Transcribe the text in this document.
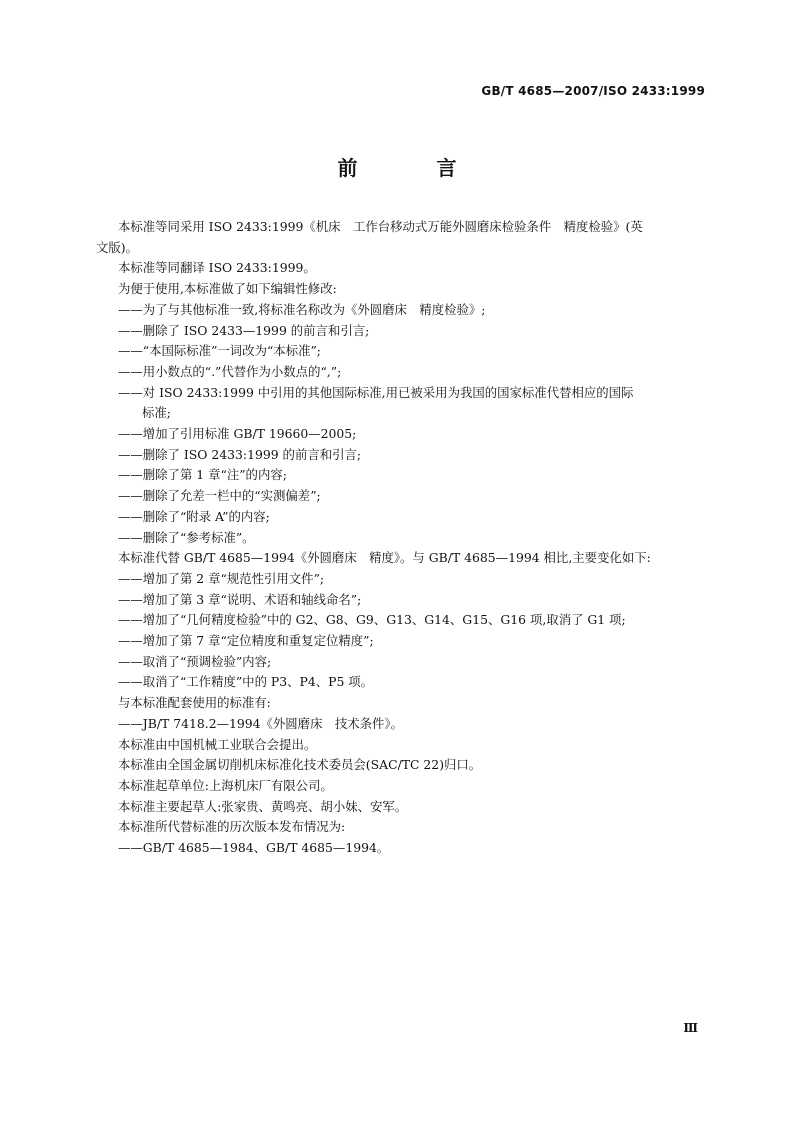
GB/T 4685—2007/ISO 2433:1999
前 言
本标准等同采用 ISO 2433:1999《机床　工作台移动式万能外圆磨床检验条件　精度检验》(英
文版)。
本标准等同翻译 ISO 2433:1999。
为便于使用,本标准做了如下编辑性修改:
——为了与其他标准一致,将标准名称改为《外圆磨床　精度检验》;
——删除了 ISO 2433—1999 的前言和引言;
——“本国际标准”一词改为“本标准”;
——用小数点的“.”代替作为小数点的“,”;
——对 ISO 2433:1999 中引用的其他国际标准,用已被采用为我国的国家标准代替相应的国际
标准;
——增加了引用标准 GB/T 19660—2005;
——删除了 ISO 2433:1999 的前言和引言;
——删除了第 1 章“注”的内容;
——删除了允差一栏中的“实测偏差”;
——删除了“附录 A”的内容;
——删除了“参考标准”。
本标准代替 GB/T 4685—1994《外圆磨床　精度》。与 GB/T 4685—1994 相比,主要变化如下:
——增加了第 2 章“规范性引用文件”;
——增加了第 3 章“说明、术语和轴线命名”;
——增加了“几何精度检验”中的 G2、G8、G9、G13、G14、G15、G16 项,取消了 G1 项;
——增加了第 7 章“定位精度和重复定位精度”;
——取消了“预调检验”内容;
——取消了“工作精度”中的 P3、P4、P5 项。
与本标准配套使用的标准有:
——JB/T 7418.2—1994《外圆磨床　技术条件》。
本标准由中国机械工业联合会提出。
本标准由全国金属切削机床标准化技术委员会(SAC/TC 22)归口。
本标准起草单位:上海机床厂有限公司。
本标准主要起草人:张家贵、黄鸣亮、胡小妹、安军。
本标准所代替标准的历次版本发布情况为:
——GB/T 4685—1984、GB/T 4685—1994。
Ⅲ
